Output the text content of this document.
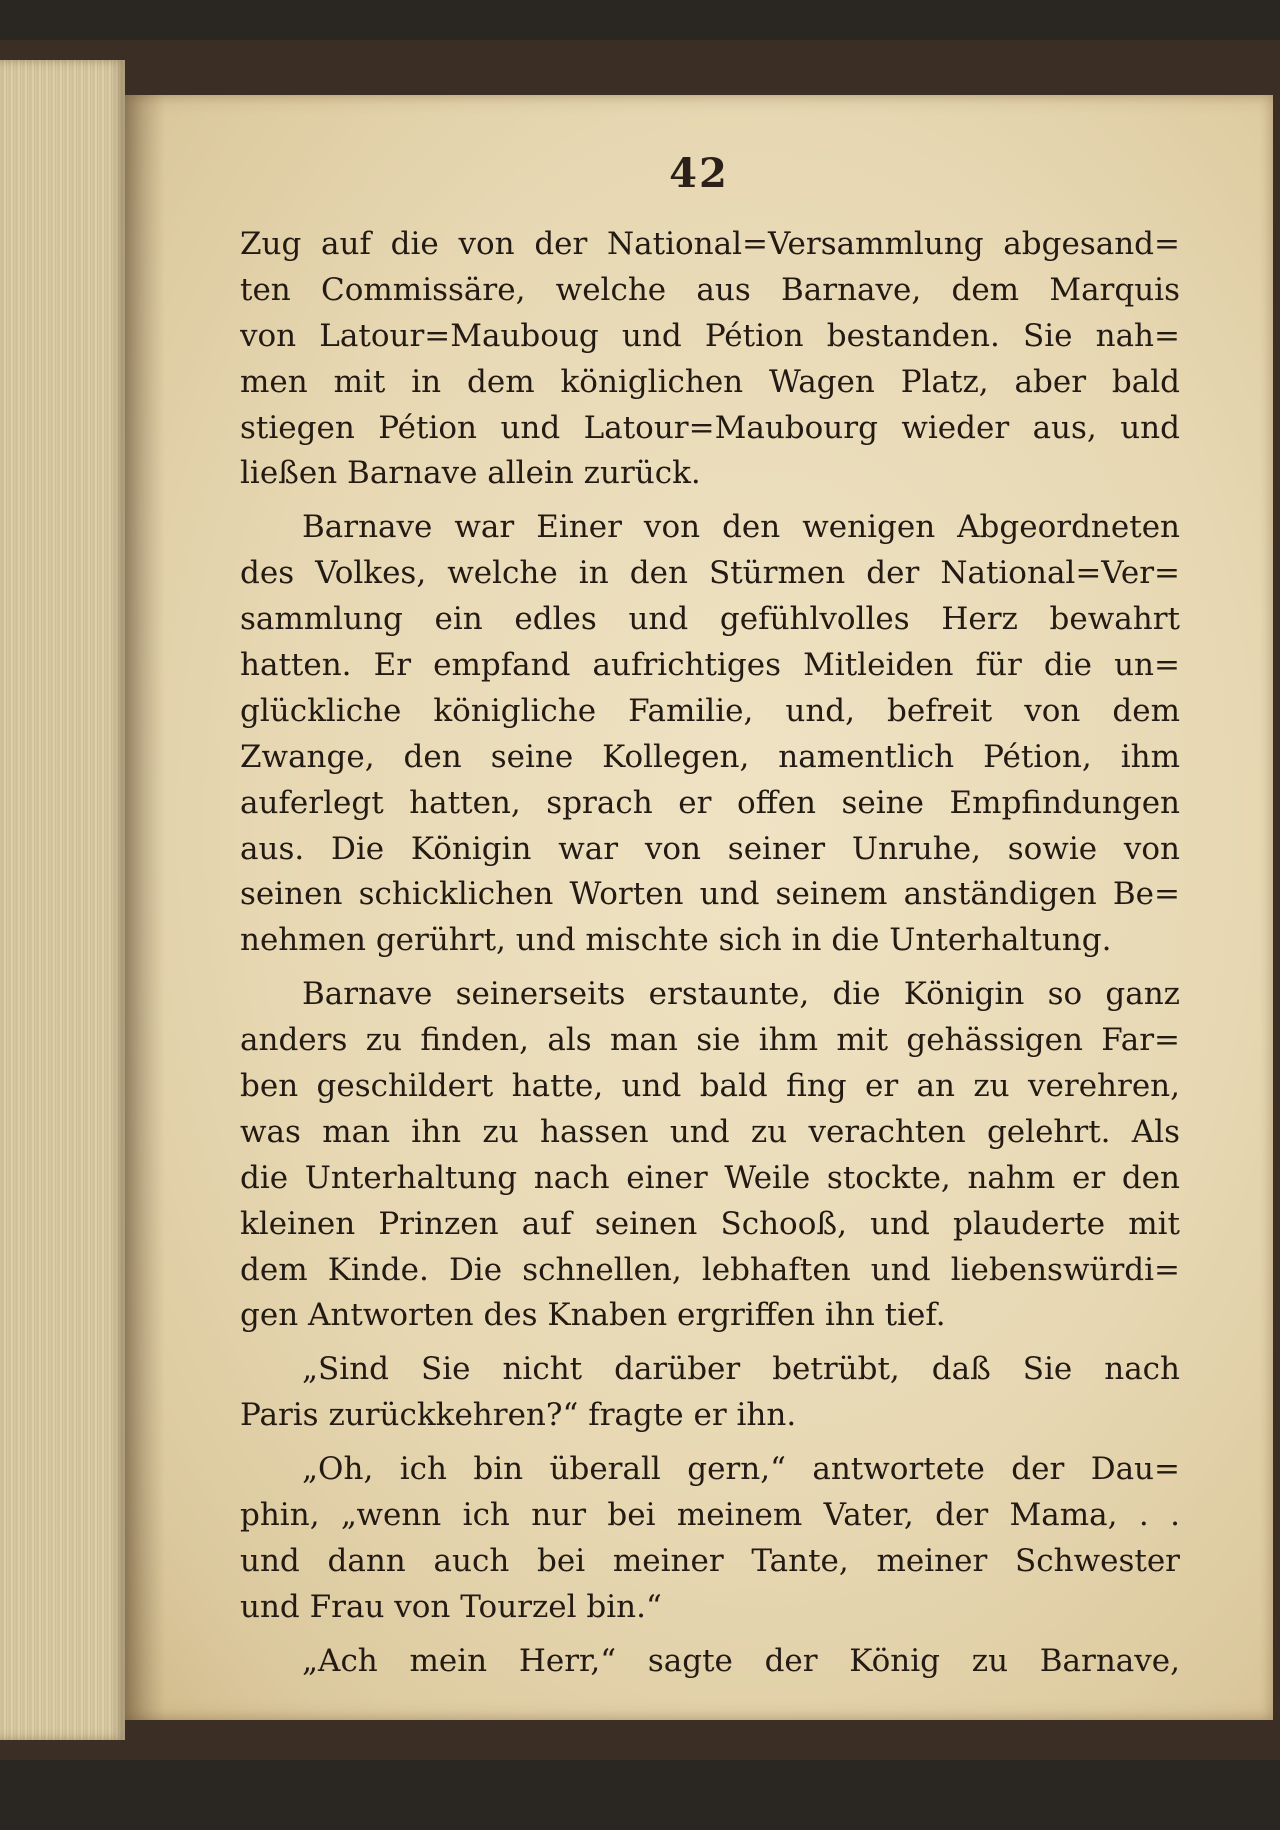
42
Zug auf die von der National=Versammlung abgesand=
ten Commissäre, welche aus Barnave, dem Marquis
von Latour=Mauboug und Pétion bestanden. Sie nah=
men mit in dem königlichen Wagen Platz, aber bald
stiegen Pétion und Latour=Maubourg wieder aus, und
ließen Barnave allein zurück.
Barnave war Einer von den wenigen Abgeordneten
des Volkes, welche in den Stürmen der National=Ver=
sammlung ein edles und gefühlvolles Herz bewahrt
hatten. Er empfand aufrichtiges Mitleiden für die un=
glückliche königliche Familie, und, befreit von dem
Zwange, den seine Kollegen, namentlich Pétion, ihm
auferlegt hatten, sprach er offen seine Empfindungen
aus. Die Königin war von seiner Unruhe, sowie von
seinen schicklichen Worten und seinem anständigen Be=
nehmen gerührt, und mischte sich in die Unterhaltung.
Barnave seinerseits erstaunte, die Königin so ganz
anders zu finden, als man sie ihm mit gehässigen Far=
ben geschildert hatte, und bald fing er an zu verehren,
was man ihn zu hassen und zu verachten gelehrt. Als
die Unterhaltung nach einer Weile stockte, nahm er den
kleinen Prinzen auf seinen Schooß, und plauderte mit
dem Kinde. Die schnellen, lebhaften und liebenswürdi=
gen Antworten des Knaben ergriffen ihn tief.
„Sind Sie nicht darüber betrübt, daß Sie nach
Paris zurückkehren?“ fragte er ihn.
„Oh, ich bin überall gern,“ antwortete der Dau=
phin, „wenn ich nur bei meinem Vater, der Mama, . .
und dann auch bei meiner Tante, meiner Schwester
und Frau von Tourzel bin.“
„Ach mein Herr,“ sagte der König zu Barnave,
